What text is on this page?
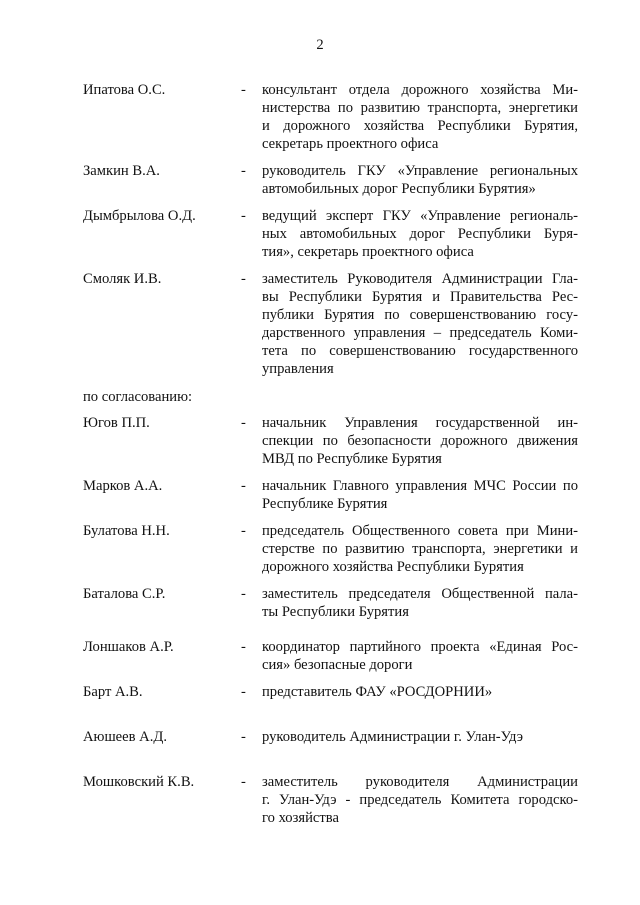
2
Ипатова О.С.	- консультант отдела дорожного хозяйства Ми-
нистерства по развитию транспорта, энергетики
и дорожного хозяйства Республики Бурятия,
секретарь проектного офиса
Замкин В.А.	- руководитель ГКУ «Управление региональных
автомобильных дорог Республики Бурятия»
Дымбрылова О.Д.	- ведущий эксперт ГКУ «Управление региональ-
ных автомобильных дорог Республики Буря-
тия», секретарь проектного офиса
Смоляк И.В.	- заместитель Руководителя Администрации Гла-
вы Республики Бурятия и Правительства Рес-
публики Бурятия по совершенствованию госу-
дарственного управления – председатель Коми-
тета по совершенствованию государственного
управления
по согласованию:
Югов П.П.	- начальник Управления государственной ин-
спекции по безопасности дорожного движения
МВД по Республике Бурятия
Марков А.А.	- начальник Главного управления МЧС России по
Республике Бурятия
Булатова Н.Н.	- председатель Общественного совета при Мини-
стерстве по развитию транспорта, энергетики и
дорожного хозяйства Республики Бурятия
Баталова С.Р.	- заместитель председателя Общественной пала-
ты Республики Бурятия
Лоншаков А.Р.	- координатор партийного проекта «Единая Рос-
сия» безопасные дороги
Барт А.В.	- представитель ФАУ «РОСДОРНИИ»
Аюшеев А.Д.	- руководитель Администрации г. Улан-Удэ
Мошковский К.В.	- заместитель руководителя Администрации
г. Улан-Удэ - председатель Комитета городско-
го хозяйства
